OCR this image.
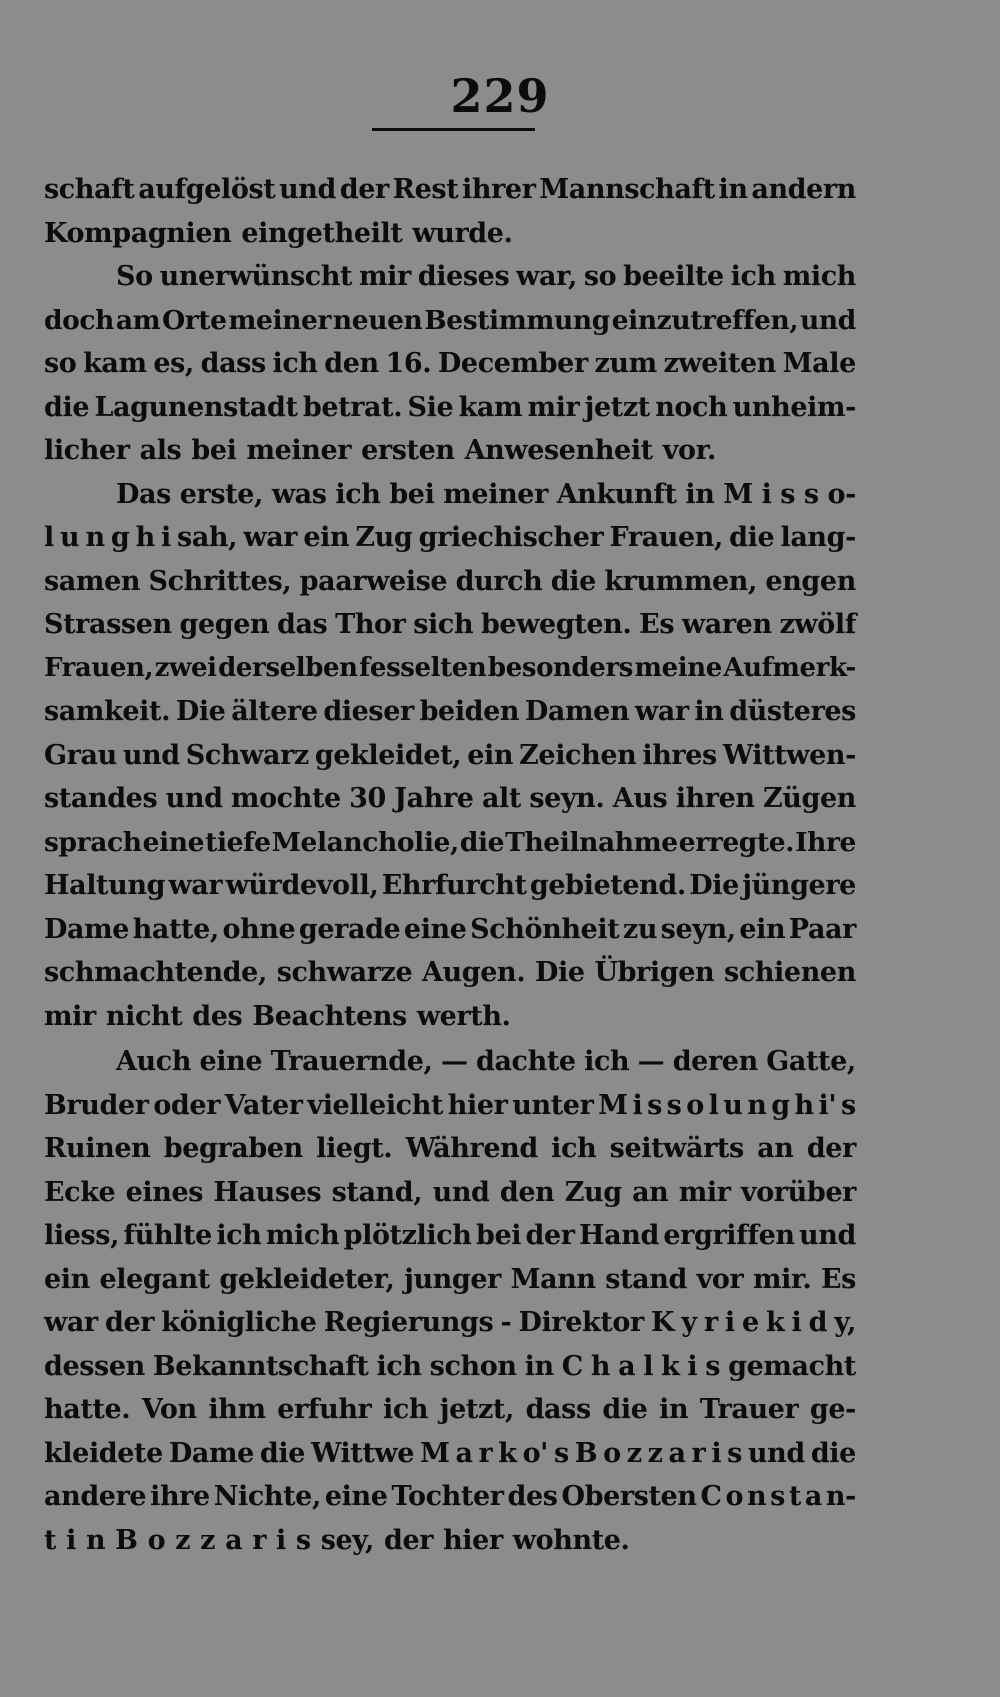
229
schaft aufgelöst und der Rest ihrer Mannschaft in andern
Kompagnien eingetheilt wurde.
So unerwünscht mir dieses war, so beeilte ich mich
doch am Orte meiner neuen Bestimmung einzutreffen, und
so kam es, dass ich den 16. December zum zweiten Male
die Lagunenstadt betrat. Sie kam mir jetzt noch unheim-
licher als bei meiner ersten Anwesenheit vor.
Das erste, was ich bei meiner Ankunft in M i s s o-
l u n g h i sah, war ein Zug griechischer Frauen, die lang-
samen Schrittes, paarweise durch die krummen, engen
Strassen gegen das Thor sich bewegten. Es waren zwölf
Frauen, zwei derselben fesselten besonders meine Aufmerk-
samkeit. Die ältere dieser beiden Damen war in düsteres
Grau und Schwarz gekleidet, ein Zeichen ihres Wittwen-
standes und mochte 30 Jahre alt seyn. Aus ihren Zügen
sprach eine tiefe Melancholie, die Theilnahme erregte. Ihre
Haltung war würdevoll, Ehrfurcht gebietend. Die jüngere
Dame hatte, ohne gerade eine Schönheit zu seyn, ein Paar
schmachtende, schwarze Augen. Die Übrigen schienen
mir nicht des Beachtens werth.
Auch eine Trauernde, — dachte ich — deren Gatte,
Bruder oder Vater vielleicht hier unter M i s s o l u n g h i' s
Ruinen begraben liegt. Während ich seitwärts an der
Ecke eines Hauses stand, und den Zug an mir vorüber
liess, fühlte ich mich plötzlich bei der Hand ergriffen und
ein elegant gekleideter, junger Mann stand vor mir. Es
war der königliche Regierungs - Direktor K y r i e k i d y,
dessen Bekanntschaft ich schon in C h a l k i s gemacht
hatte. Von ihm erfuhr ich jetzt, dass die in Trauer ge-
kleidete Dame die Wittwe M a r k o' s B o z z a r i s und die
andere ihre Nichte, eine Tochter des Obersten C o n s t a n-
t i n B o z z a r i s sey, der hier wohnte.
